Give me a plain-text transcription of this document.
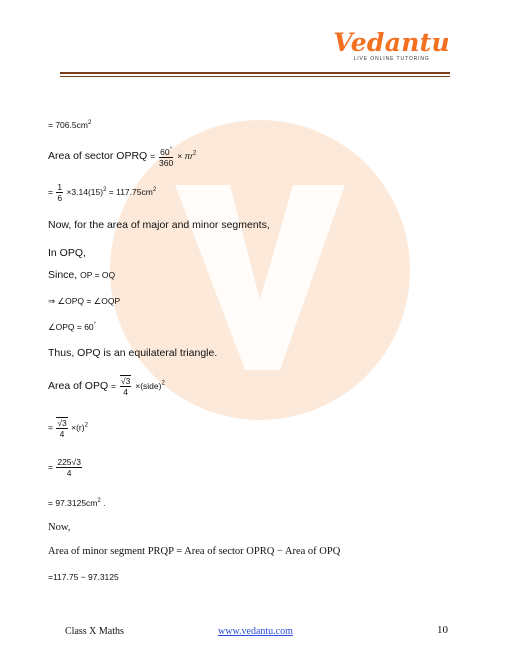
Vedantu
LIVE ONLINE TUTORING
= $706.5cm^2$
Area of sector OPRQ = $\frac{60^\circ}{360} \times \pi r^2$
= $\frac{1}{6} \times 3.14(15)^2 = 117.75cm^2$
Now, for the area of major and minor segments,
In OPQ,
Since, OP = OQ
⇒ ∠OPQ = ∠OQP
∠OPQ = 60°
Thus, OPQ is an equilateral triangle.
Area of OPQ = $\frac{√3}{4}$ ×(side)$^2$
= $\frac{√3}{4} \times(r)^2$
= $\frac{225√3}{4}$
= $97.3125cm^2$ .
Now,
Area of minor segment PRQP = Area of sector OPRQ − Area of OPQ
=117.75 − 97.3125
Class X Maths	www.vedantu.com	10
